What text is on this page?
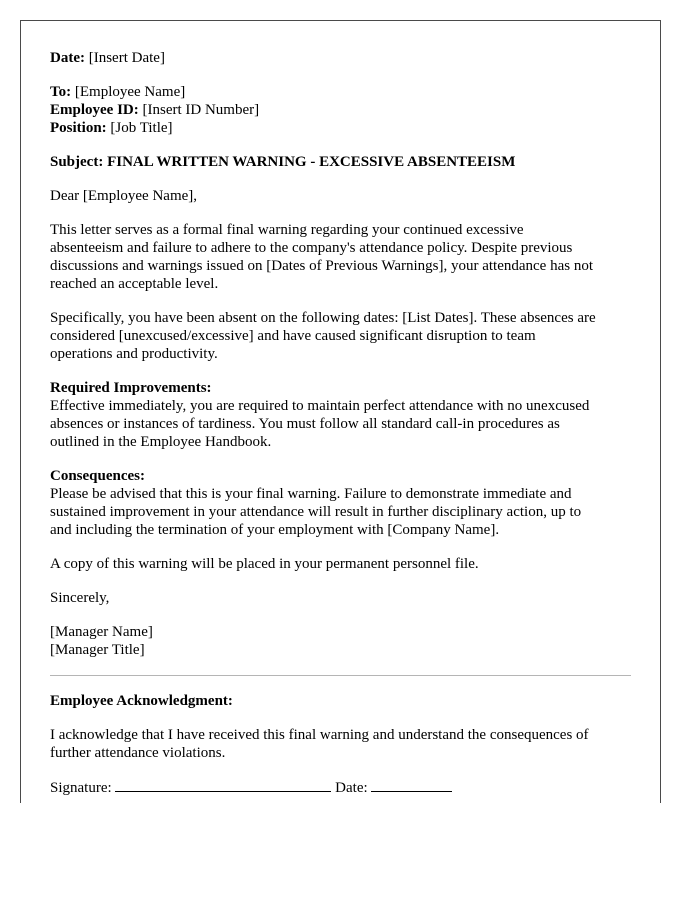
Date: [Insert Date]

To: [Employee Name]

Employee ID: [Insert ID Number]

Position: [Job Title]

Subject: FINAL WRITTEN WARNING - EXCESSIVE ABSENTEEISM

Dear [Employee Name],

This letter serves as a formal final warning regarding your continued excessive
absenteeism and failure to adhere to the company's attendance policy. Despite previous
discussions and warnings issued on [Dates of Previous Warnings], your attendance has not
reached an acceptable level.
Specifically, you have been absent on the following dates: [List Dates]. These absences are
considered [unexcused/excessive] and have caused significant disruption to team
operations and productivity.
Required Improvements:
Effective immediately, you are required to maintain perfect attendance with no unexcused
absences or instances of tardiness. You must follow all standard call-in procedures as
outlined in the Employee Handbook.
Consequences:
Please be advised that this is your final warning. Failure to demonstrate immediate and
sustained improvement in your attendance will result in further disciplinary action, up to
and including the termination of your employment with [Company Name].

A copy of this warning will be placed in your permanent personnel file.

Sincerely,

[Manager Name]

[Manager Title]

Employee Acknowledgment:

I acknowledge that I have received this final warning and understand the consequences of
further attendance violations.

Signature:	Date:
